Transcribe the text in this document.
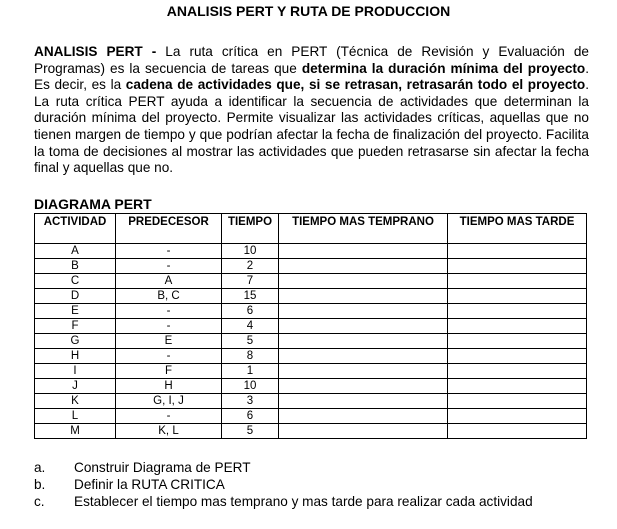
ANALISIS PERT Y RUTA DE PRODUCCION
ANALISIS PERT - La ruta crítica en PERT (Técnica de Revisión y Evaluación de Programas) es la secuencia de tareas que determina la duración mínima del proyecto. Es decir, es la cadena de actividades que, si se retrasan, retrasarán todo el proyecto. La ruta crítica PERT ayuda a identificar la secuencia de actividades que determinan la duración mínima del proyecto. Permite visualizar las actividades críticas, aquellas que no tienen margen de tiempo y que podrían afectar la fecha de finalización del proyecto. Facilita la toma de decisiones al mostrar las actividades que pueden retrasarse sin afectar la fecha final y aquellas que no.
DIAGRAMA PERT
ACTIVIDAD	PREDECESOR	TIEMPO	TIEMPO MAS TEMPRANO	TIEMPO MAS TARDE
A	-	10		
B	-	2		
C	A	7		
D	B, C	15		
E	-	6		
F	-	4		
G	E	5		
H	-	8		
I	F	1		
J	H	10		
K	G, I, J	3		
L	-	6		
M	K, L	5		
a.	Construir Diagrama de PERT
b.	Definir la RUTA CRITICA
c.	Establecer el tiempo mas temprano y mas tarde para realizar cada actividad
